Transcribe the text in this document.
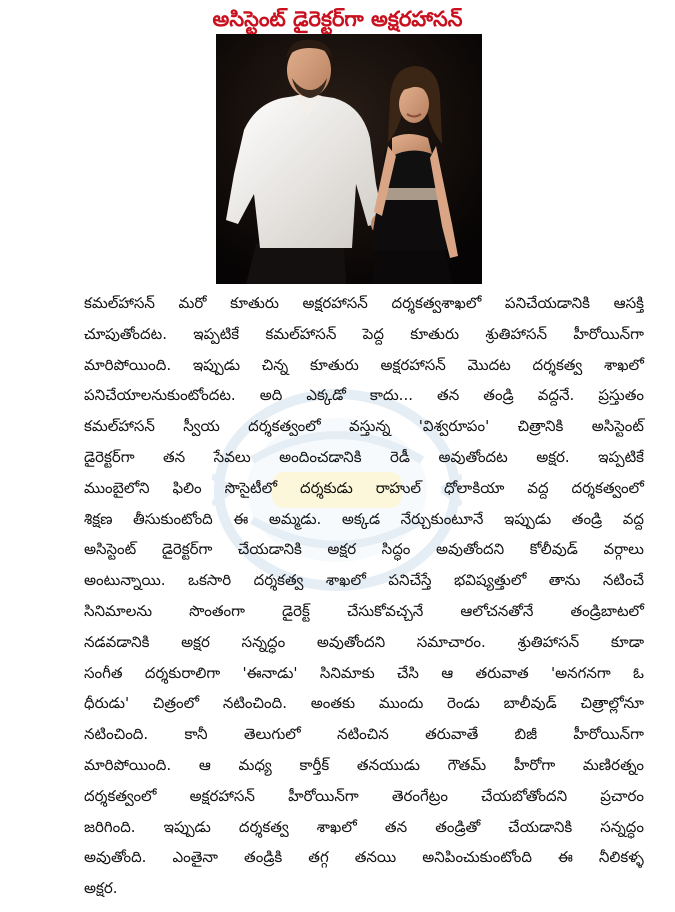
అసిస్టెంట్ డైరెక్టర్‌గా అక్షరహాసన్
కమల్‌హాసన్ మరో కూతురు అక్షరహాసన్ దర్శకత్వశాఖలో పనిచేయడానికి ఆసక్తి
చూపుతోందట. ఇప్పటికే కమల్‌హాసన్ పెద్ద కూతురు శ్రుతిహాసన్ హీరోయిన్‌గా
మారిపోయింది. ఇప్పుడు చిన్న కూతురు అక్షరహాసన్ మొదట దర్శకత్వ శాఖలో
పనిచేయాలనుకుంటోందట. అది ఎక్కడో కాదు... తన తండ్రి వద్దనే. ప్రస్తుతం
కమల్‌హాసన్ స్వీయ దర్శకత్వంలో వస్తున్న 'విశ్వరూపం' చిత్రానికి అసిస్టెంట్
డైరెక్టర్‌గా తన సేవలు అందించడానికి రెడీ అవుతోందట అక్షర. ఇప్పటికే
ముంబైలోని ఫిలిం సొసైటీలో దర్శకుడు రాహుల్ ధోలాకియా వద్ద దర్శకత్వంలో
శిక్షణ తీసుకుంటోంది ఈ అమ్మడు. అక్కడ నేర్చుకుంటూనే ఇప్పుడు తండ్రి వద్ద
అసిస్టెంట్ డైరెక్టర్‌గా చేయడానికి అక్షర సిద్ధం అవుతోందని కోలీవుడ్ వర్గాలు
అంటున్నాయి. ఒకసారి దర్శకత్వ శాఖలో పనిచేస్తే భవిష్యత్తులో తాను నటించే
సినిమాలను సొంతంగా డైరెక్ట్ చేసుకోవచ్చనే ఆలోచనతోనే తండ్రిబాటలో
నడవడానికి అక్షర సన్నద్ధం అవుతోందని సమాచారం. శ్రుతిహాసన్ కూడా
సంగీత దర్శకురాలిగా 'ఈనాడు' సినిమాకు చేసి ఆ తరువాత 'అనగనగా ఓ
ధీరుడు' చిత్రంలో నటించింది. అంతకు ముందు రెండు బాలీవుడ్ చిత్రాల్లోనూ
నటించింది. కానీ తెలుగులో నటించిన తరువాతే బిజీ హీరోయిన్‌గా
మారిపోయింది. ఆ మధ్య కార్తీక్ తనయుడు గౌతమ్ హీరోగా మణిరత్నం
దర్శకత్వంలో అక్షరహాసన్ హీరోయిన్‌గా తెరంగేట్రం చేయబోతోందని ప్రచారం
జరిగింది. ఇప్పుడు దర్శకత్వ శాఖలో తన తండ్రితో చేయడానికి సన్నద్ధం
అవుతోంది. ఎంతైనా తండ్రికి తగ్గ తనయి అనిపించుకుంటోంది ఈ నీలికళ్ళ
అక్షర.
